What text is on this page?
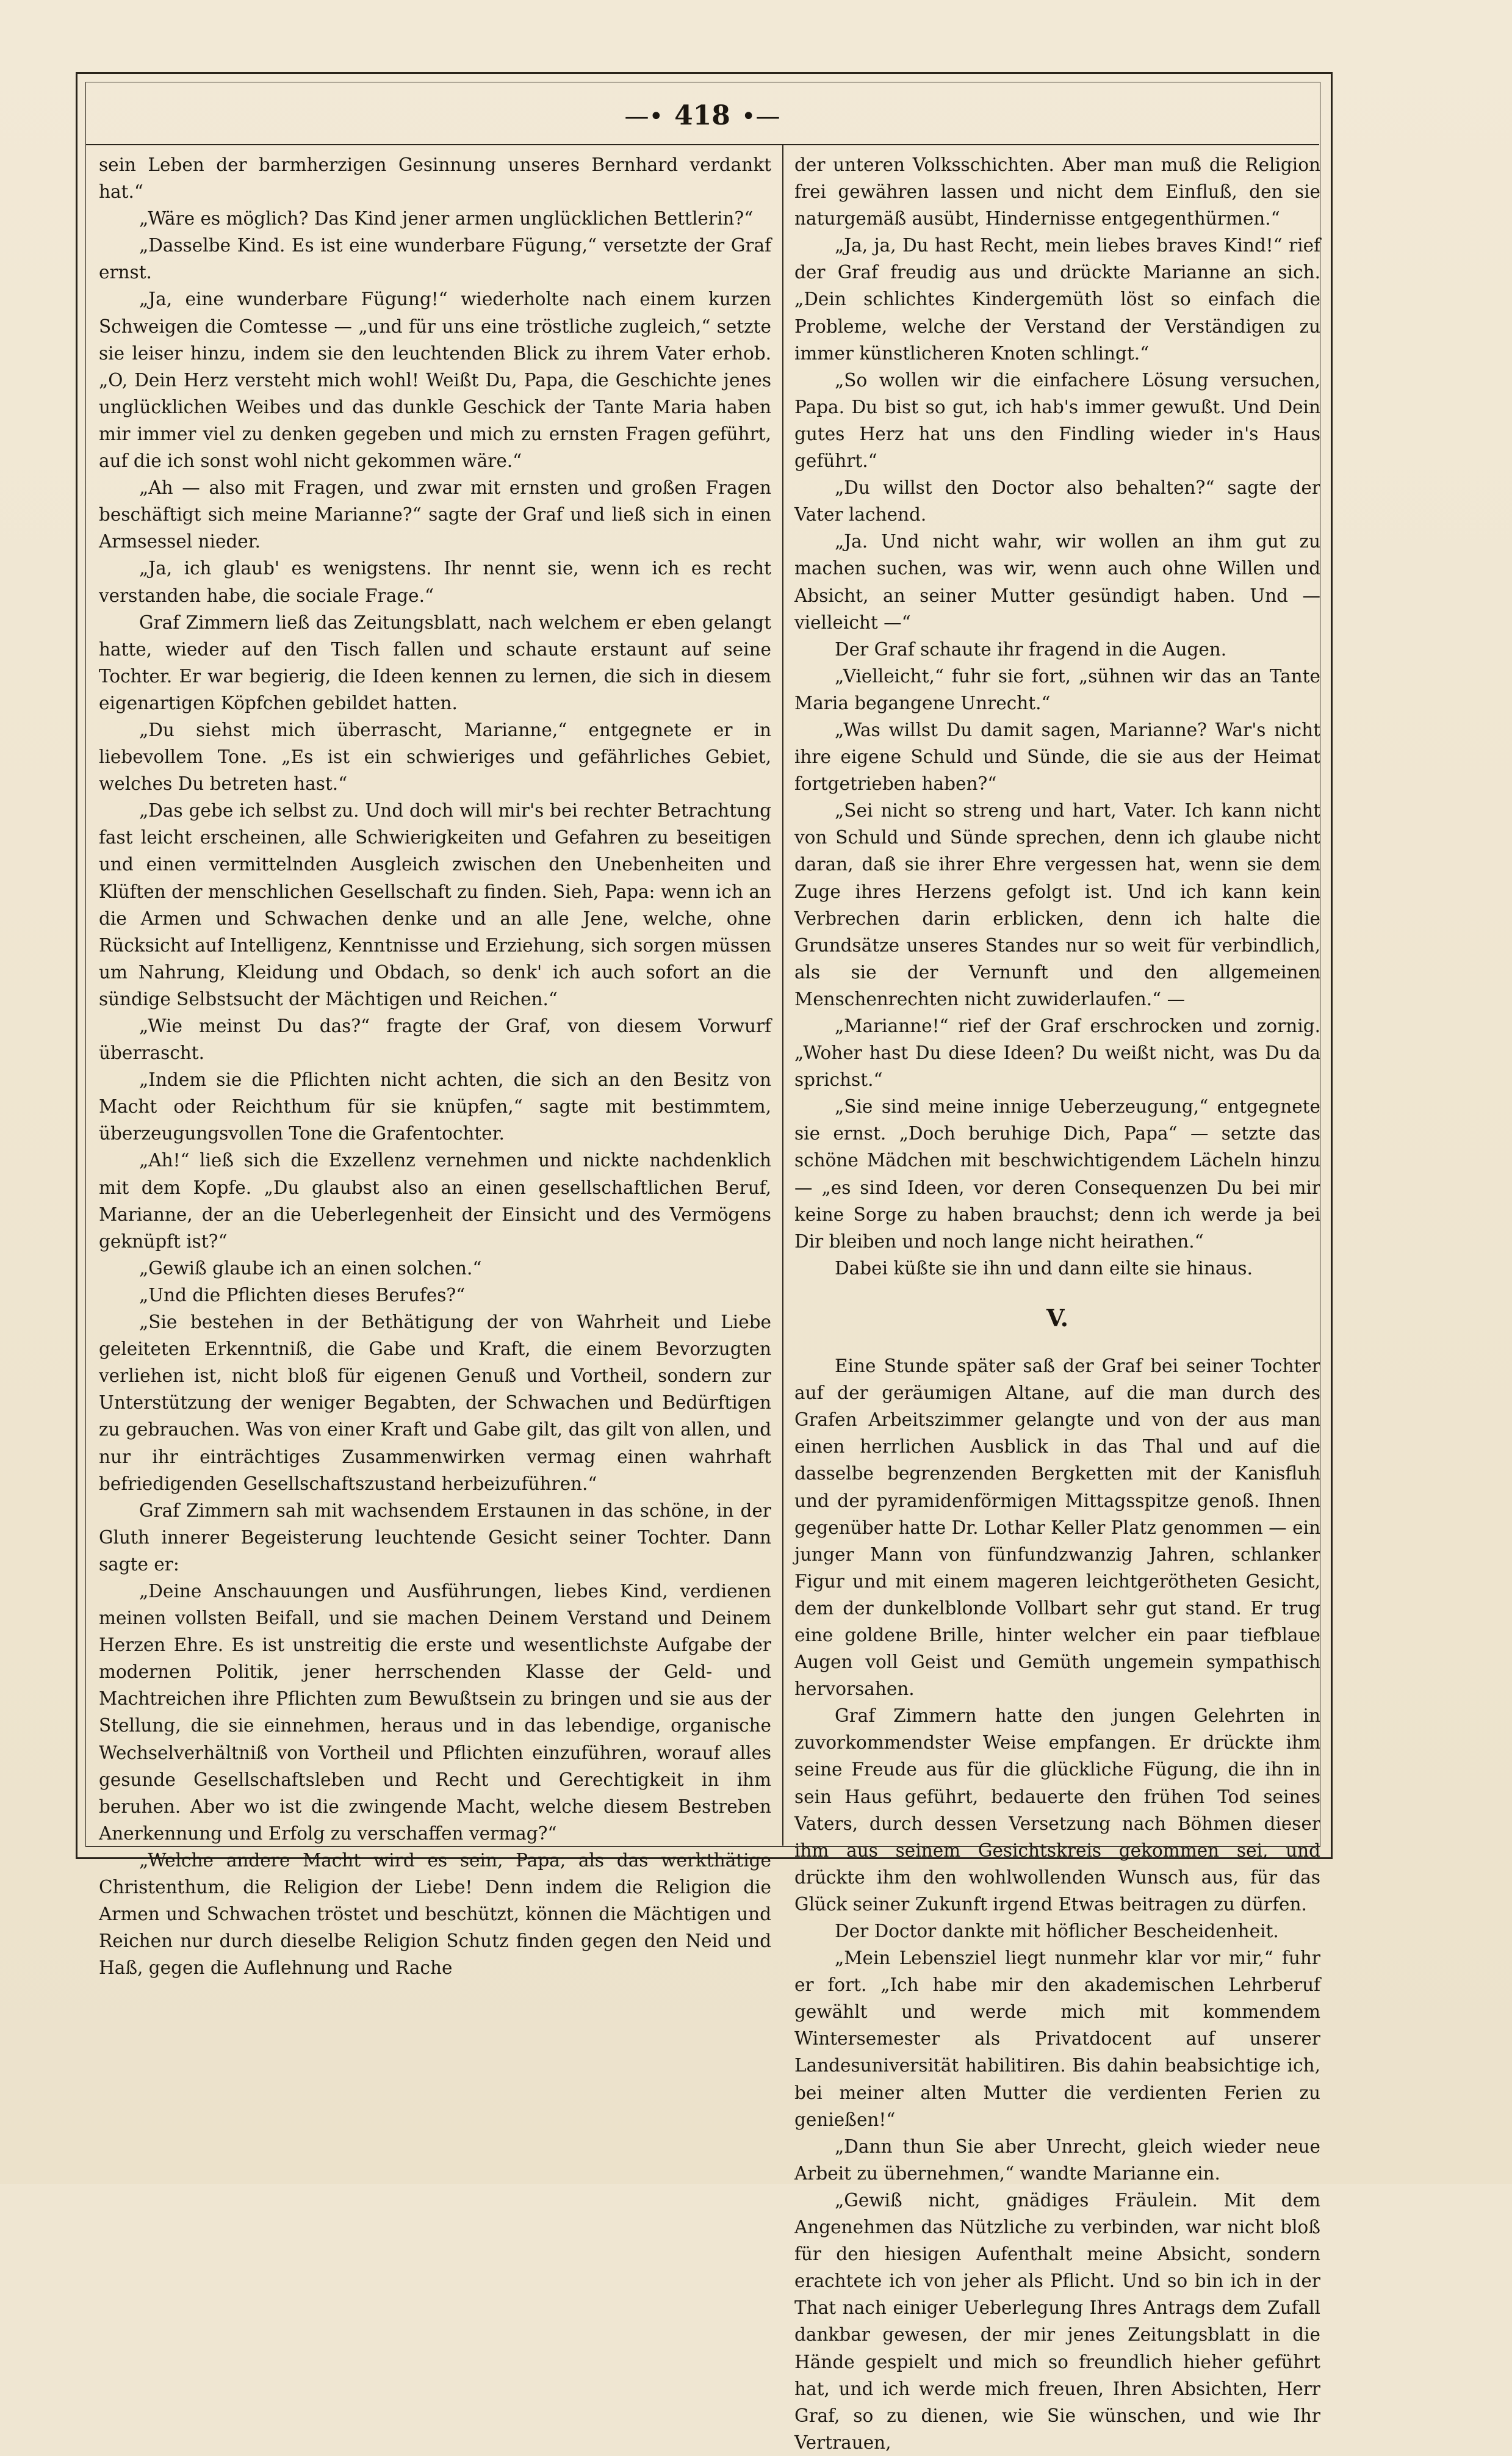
—• 418 •—

sein Leben der barmherzigen Gesinnung unseres Bernhard verdankt hat.“

„Wäre es möglich? Das Kind jener armen unglücklichen Bettlerin?“

„Dasselbe Kind. Es ist eine wunderbare Fügung,“ versetzte der Graf ernst.

„Ja, eine wunderbare Fügung!“ wiederholte nach einem kurzen Schweigen die Comtesse — „und für uns eine tröstliche zugleich,“ setzte sie leiser hinzu, indem sie den leuchtenden Blick zu ihrem Vater erhob. „O, Dein Herz versteht mich wohl! Weißt Du, Papa, die Geschichte jenes unglücklichen Weibes und das dunkle Geschick der Tante Maria haben mir immer viel zu denken gegeben und mich zu ernsten Fragen geführt, auf die ich sonst wohl nicht gekommen wäre.“

„Ah — also mit Fragen, und zwar mit ernsten und großen Fragen beschäftigt sich meine Marianne?“ sagte der Graf und ließ sich in einen Armsessel nieder.

„Ja, ich glaub' es wenigstens. Ihr nennt sie, wenn ich es recht verstanden habe, die sociale Frage.“

Graf Zimmern ließ das Zeitungsblatt, nach welchem er eben gelangt hatte, wieder auf den Tisch fallen und schaute erstaunt auf seine Tochter. Er war begierig, die Ideen kennen zu lernen, die sich in diesem eigenartigen Köpfchen gebildet hatten.

„Du siehst mich überrascht, Marianne,“ entgegnete er in liebevollem Tone. „Es ist ein schwieriges und gefährliches Gebiet, welches Du betreten hast.“

„Das gebe ich selbst zu. Und doch will mir's bei rechter Betrachtung fast leicht erscheinen, alle Schwierigkeiten und Gefahren zu beseitigen und einen vermittelnden Ausgleich zwischen den Unebenheiten und Klüften der menschlichen Gesellschaft zu finden. Sieh, Papa: wenn ich an die Armen und Schwachen denke und an alle Jene, welche, ohne Rücksicht auf Intelligenz, Kenntnisse und Erziehung, sich sorgen müssen um Nahrung, Kleidung und Obdach, so denk' ich auch sofort an die sündige Selbstsucht der Mächtigen und Reichen.“

„Wie meinst Du das?“ fragte der Graf, von diesem Vorwurf überrascht.

„Indem sie die Pflichten nicht achten, die sich an den Besitz von Macht oder Reichthum für sie knüpfen,“ sagte mit bestimmtem, überzeugungsvollen Tone die Grafentochter.

„Ah!“ ließ sich die Exzellenz vernehmen und nickte nachdenklich mit dem Kopfe. „Du glaubst also an einen gesellschaftlichen Beruf, Marianne, der an die Ueberlegenheit der Einsicht und des Vermögens geknüpft ist?“

„Gewiß glaube ich an einen solchen.“

„Und die Pflichten dieses Berufes?“

„Sie bestehen in der Bethätigung der von Wahrheit und Liebe geleiteten Erkenntniß, die Gabe und Kraft, die einem Bevorzugten verliehen ist, nicht bloß für eigenen Genuß und Vortheil, sondern zur Unterstützung der weniger Begabten, der Schwachen und Bedürftigen zu gebrauchen. Was von einer Kraft und Gabe gilt, das gilt von allen, und nur ihr einträchtiges Zusammenwirken vermag einen wahrhaft befriedigenden Gesellschaftszustand herbeizuführen.“

Graf Zimmern sah mit wachsendem Erstaunen in das schöne, in der Gluth innerer Begeisterung leuchtende Gesicht seiner Tochter. Dann sagte er:

„Deine Anschauungen und Ausführungen, liebes Kind, verdienen meinen vollsten Beifall, und sie machen Deinem Verstand und Deinem Herzen Ehre. Es ist unstreitig die erste und wesentlichste Aufgabe der modernen Politik, jener herrschenden Klasse der Geld- und Machtreichen ihre Pflichten zum Bewußtsein zu bringen und sie aus der Stellung, die sie einnehmen, heraus und in das lebendige, organische Wechselverhältniß von Vortheil und Pflichten einzuführen, worauf alles gesunde Gesellschaftsleben und Recht und Gerechtigkeit in ihm beruhen. Aber wo ist die zwingende Macht, welche diesem Bestreben Anerkennung und Erfolg zu verschaffen vermag?“

„Welche andere Macht wird es sein, Papa, als das werkthätige Christenthum, die Religion der Liebe! Denn indem die Religion die Armen und Schwachen tröstet und beschützt, können die Mächtigen und Reichen nur durch dieselbe Religion Schutz finden gegen den Neid und Haß, gegen die Auflehnung und Rache

der unteren Volksschichten. Aber man muß die Religion frei gewähren lassen und nicht dem Einfluß, den sie naturgemäß ausübt, Hindernisse entgegenthürmen.“

„Ja, ja, Du hast Recht, mein liebes braves Kind!“ rief der Graf freudig aus und drückte Marianne an sich. „Dein schlichtes Kindergemüth löst so einfach die Probleme, welche der Verstand der Verständigen zu immer künstlicheren Knoten schlingt.“

„So wollen wir die einfachere Lösung versuchen, Papa. Du bist so gut, ich hab's immer gewußt. Und Dein gutes Herz hat uns den Findling wieder in's Haus geführt.“

„Du willst den Doctor also behalten?“ sagte der Vater lachend.

„Ja. Und nicht wahr, wir wollen an ihm gut zu machen suchen, was wir, wenn auch ohne Willen und Absicht, an seiner Mutter gesündigt haben. Und — vielleicht —“

Der Graf schaute ihr fragend in die Augen.

„Vielleicht,“ fuhr sie fort, „sühnen wir das an Tante Maria begangene Unrecht.“

„Was willst Du damit sagen, Marianne? War's nicht ihre eigene Schuld und Sünde, die sie aus der Heimat fortgetrieben haben?“

„Sei nicht so streng und hart, Vater. Ich kann nicht von Schuld und Sünde sprechen, denn ich glaube nicht daran, daß sie ihrer Ehre vergessen hat, wenn sie dem Zuge ihres Herzens gefolgt ist. Und ich kann kein Verbrechen darin erblicken, denn ich halte die Grundsätze unseres Standes nur so weit für verbindlich, als sie der Vernunft und den allgemeinen Menschenrechten nicht zuwiderlaufen.“ —

„Marianne!“ rief der Graf erschrocken und zornig. „Woher hast Du diese Ideen? Du weißt nicht, was Du da sprichst.“

„Sie sind meine innige Ueberzeugung,“ entgegnete sie ernst. „Doch beruhige Dich, Papa“ — setzte das schöne Mädchen mit beschwichtigendem Lächeln hinzu — „es sind Ideen, vor deren Consequenzen Du bei mir keine Sorge zu haben brauchst; denn ich werde ja bei Dir bleiben und noch lange nicht heirathen.“

Dabei küßte sie ihn und dann eilte sie hinaus.

V.

Eine Stunde später saß der Graf bei seiner Tochter auf der geräumigen Altane, auf die man durch des Grafen Arbeitszimmer gelangte und von der aus man einen herrlichen Ausblick in das Thal und auf die dasselbe begrenzenden Bergketten mit der Kanisfluh und der pyramidenförmigen Mittagsspitze genoß. Ihnen gegenüber hatte Dr. Lothar Keller Platz genommen — ein junger Mann von fünfundzwanzig Jahren, schlanker Figur und mit einem mageren leichtgerötheten Gesicht, dem der dunkelblonde Vollbart sehr gut stand. Er trug eine goldene Brille, hinter welcher ein paar tiefblaue Augen voll Geist und Gemüth ungemein sympathisch hervorsahen.

Graf Zimmern hatte den jungen Gelehrten in zuvorkommendster Weise empfangen. Er drückte ihm seine Freude aus für die glückliche Fügung, die ihn in sein Haus geführt, bedauerte den frühen Tod seines Vaters, durch dessen Versetzung nach Böhmen dieser ihm aus seinem Gesichtskreis gekommen sei, und drückte ihm den wohlwollenden Wunsch aus, für das Glück seiner Zukunft irgend Etwas beitragen zu dürfen.

Der Doctor dankte mit höflicher Bescheidenheit.

„Mein Lebensziel liegt nunmehr klar vor mir,“ fuhr er fort. „Ich habe mir den akademischen Lehrberuf gewählt und werde mich mit kommendem Wintersemester als Privatdocent auf unserer Landesuniversität habilitiren. Bis dahin beabsichtige ich, bei meiner alten Mutter die verdienten Ferien zu genießen!“

„Dann thun Sie aber Unrecht, gleich wieder neue Arbeit zu übernehmen,“ wandte Marianne ein.

„Gewiß nicht, gnädiges Fräulein. Mit dem Angenehmen das Nützliche zu verbinden, war nicht bloß für den hiesigen Aufenthalt meine Absicht, sondern erachtete ich von jeher als Pflicht. Und so bin ich in der That nach einiger Ueberlegung Ihres Antrags dem Zufall dankbar gewesen, der mir jenes Zeitungsblatt in die Hände gespielt und mich so freundlich hieher geführt hat, und ich werde mich freuen, Ihren Absichten, Herr Graf, so zu dienen, wie Sie wünschen, und wie Ihr Vertrauen,
